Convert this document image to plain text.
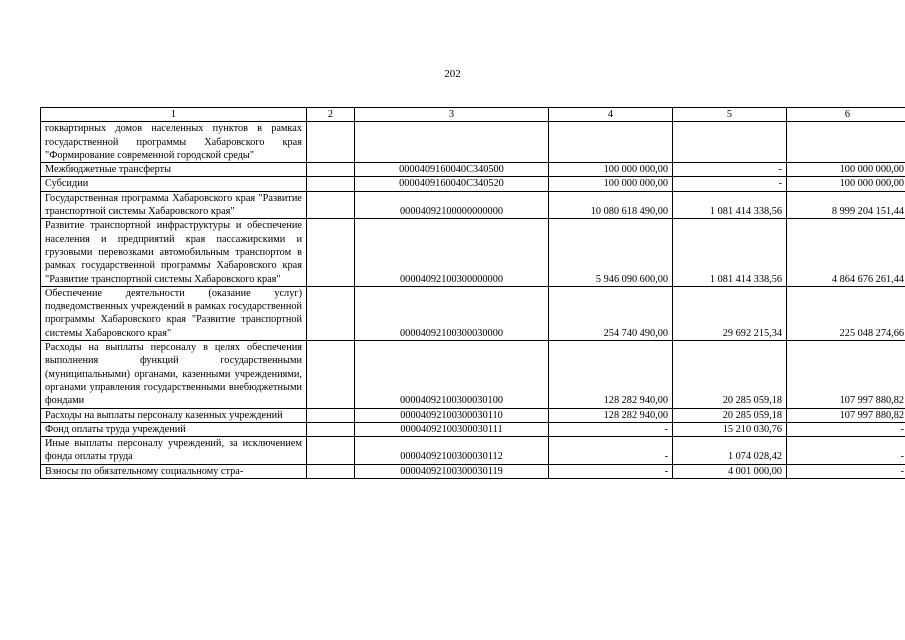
202
1	2	3	4	5	6
гоквартирных домов населенных пунктов в рамках государственной программы Хабаровского края "Формирование современной городской среды"					
Межбюджетные трансферты		0000409160040C340500	100 000 000,00	-	100 000 000,00
Субсидии		0000409160040C340520	100 000 000,00	-	100 000 000,00
Государственная программа Хабаровского края "Развитие транспортной системы Хабаровского края"		00004092100000000000	10 080 618 490,00	1 081 414 338,56	8 999 204 151,44
Развитие транспортной инфраструктуры и обеспечение населения и предприятий края пассажирскими и грузовыми перевозками автомобильным транспортом в рамках государственной программы Хабаровского края "Развитие транспортной системы Хабаровского края"		00004092100300000000	5 946 090 600,00	1 081 414 338,56	4 864 676 261,44
Обеспечение деятельности (оказание услуг) подведомственных учреждений в рамках государственной программы Хабаровского края "Развитие транспортной системы Хабаровского края"		00004092100300030000	254 740 490,00	29 692 215,34	225 048 274,66
Расходы на выплаты персоналу в целях обеспечения выполнения функций государственными (муниципальными) органами, казенными учреждениями, органами управления государственными внебюджетными фондами		00004092100300030100	128 282 940,00	20 285 059,18	107 997 880,82
Расходы на выплаты персоналу казенных учреждений		00004092100300030110	128 282 940,00	20 285 059,18	107 997 880,82
Фонд оплаты труда учреждений		00004092100300030111	-	15 210 030,76	-
Иные выплаты персоналу учреждений, за исключением фонда оплаты труда		00004092100300030112	-	1 074 028,42	-
Взносы по обязательному социальному стра-		00004092100300030119	-	4 001 000,00	-
